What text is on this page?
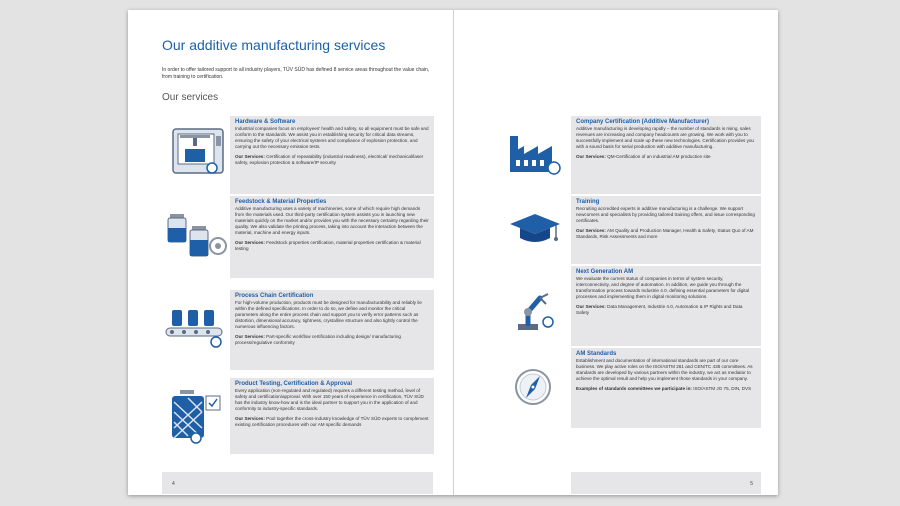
Our additive manufacturing services
In order to offer tailored support to all industry players, TÜV SÜD has defined 8 service areas throughout the value chain, from training to certification.
Our services
Hardware & Software

Industrial companies focus on employees' health and safety, so all equipment must be safe and conform to the standards. We assist you in establishing security for critical data streams, ensuring the safety of your electrical systems and compliance of explosion protection, and carrying out the necessary emission tests.

Our Services: Certification of repeatability (industrial readiness), electrical/ mechanical/laser safety, explosion protection & software/IP security
Feedstock & Material Properties

Additive manufacturing uses a variety of machineries, some of which require high demands from the materials used. Our third-party certification system assists you in launching new materials quickly on the market and/or provides you with the necessary certainty regarding their quality. We also validate the printing process, taking into account the interaction between the material, machine and energy inputs.

Our Services: Feedstock properties certification, material properties certification & material testing
Process Chain Certification

For high-volume production, products must be designed for manufacturability and reliably lie within the defined specifications. In order to do so, we define and monitor the critical parameters along the entire process chain and support you to verify error patterns such as distortion, dimensional accuracy, tightness, crystalline structure and also tightly control the numerous influencing factors.

Our Services: Part-specific workflow certification including design/ manufacturing process/regulative conformity
Product Testing, Certification & Approval

Every application (non-regulated and regulated) requires a different testing method, level of safety and certification/approval. With over 150 years of experience in certification, TÜV SÜD has the industry know-how and is the ideal partner to support you in the application of and conformity to industry-specific standards.

Our Services: Pool together the cross-industry knowledge of TÜV SÜD experts to complement existing certification procedures with our AM specific demands
Company Certification (Additive Manufacturer)

Additive manufacturing is developing rapidly – the number of standards is rising, sales revenues are increasing and company headcounts are growing. We work with you to successfully implement and scale up these new technologies. Certification provides you with a sound basis for serial production with additive manufacturing.

Our Services: QM-Certification of an industrial AM production site
Training

Recruiting accredited experts in additive manufacturing is a challenge. We support newcomers and specialists by providing tailored training offers, and issue corresponding certificates.

Our Services: AM Quality and Production Manager, Health & Safety, Status Quo of AM Standards, Risk Assessments and more
Next Generation AM

We evaluate the current status of companies in terms of system security, interconnectivity, and degree of automation. In addition, we guide you through the transformation process towards Industrie 4.0, defining essential parameters for digital processes and implementing them in digital monitoring solutions.

Our Services: Data Management, Industrie 4.0, Automation & IP Rights and Data Safety
AM Standards

Establishment and documentation of international standards are part of our core business. We play active roles on the ISO/ASTM 261 and CEN/TC 438 committees. As standards are developed by various partners within the industry, we act as mediator to achieve the optimal result and help you implement those standards in your company.

Examples of standards committees we participate in: ISO/ASTM JG 75, DIN, DVS
4	5
